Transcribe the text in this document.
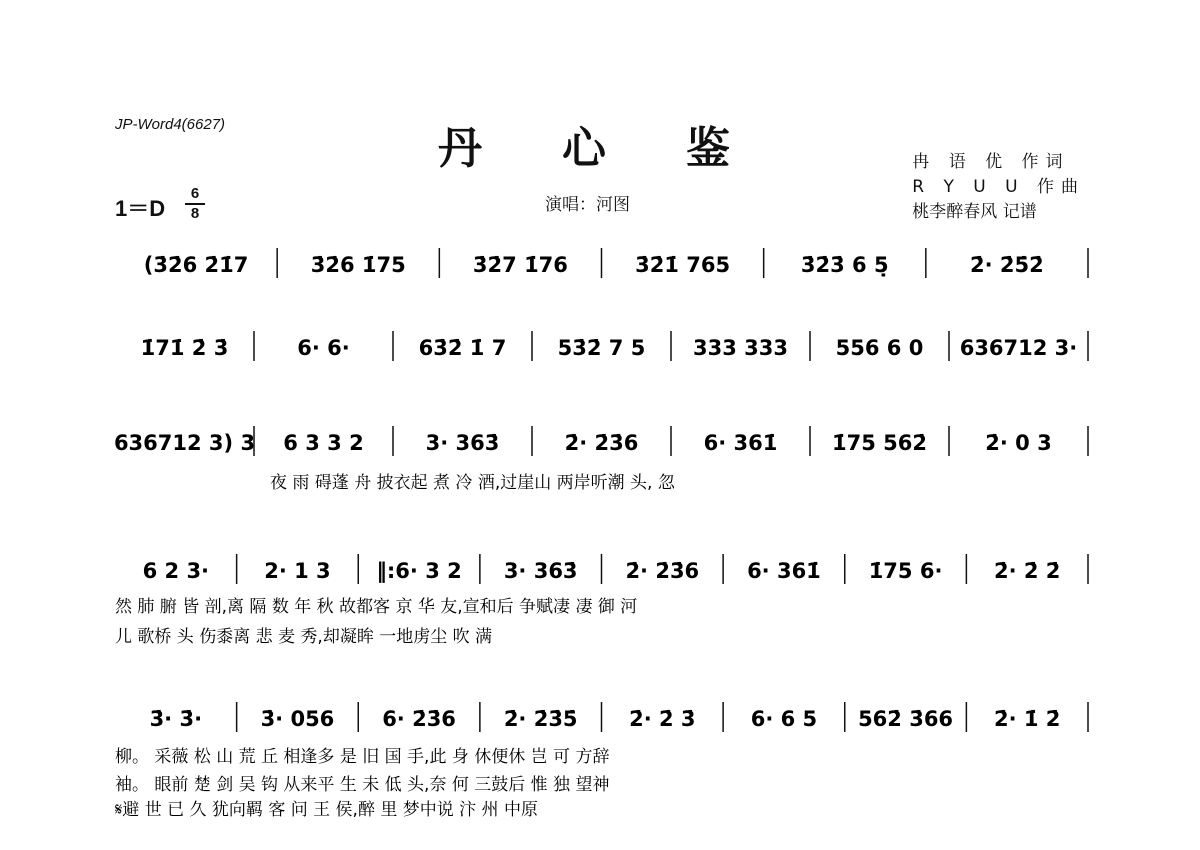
JP-Word4(6627)	丹心鉴
1＝D
6
8	演唱：河图
冉 语 优 作词
R Y U U 作曲
桃李醉春风 记谱
(3̇2̇6 2̇1̇7	3̇2̇6 1̇75	3̇2̇7 1̇76	3̇2̇1̇ 765	3̇2̇3̇ 6 5̣	2̇· 2̇5̇2̇
1̇71̇ 2̇ 3̇	6· 6·	63̇2̇ 1̇ 7 53̇2̇ 7 5 333 333 556 6 0 636712 3·
636712 3) 3 6 3 3 2	3· 363̇	2̇· 2̇3̇6	6· 361̇	1̇75 562̇	2̇· 0 3
夜 雨 碍蓬 舟 披衣起 煮 冷 酒,过崖山 两岸听潮 头, 忽
6 2 3·	2· 1 3 ‖:6· 3 2 3· 363̇ 2̇· 2̇3̇6 6· 361̇ 1̇75 6· 2̇· 2̇ 2̇
然 肺 腑 皆 剖,离 隔 数 年 秋 故都客 京 华 友,宣和后 争赋凄 凄 御 河
儿 歌桥 头 伤黍离 悲 麦 秀,却凝眸 一地虏尘 吹 满
3̇· 3̇·	3̇· 056 6· 2̇3̇6 2̇· 2̇3̇5̇ 2̇· 2̇ 3̇	6· 6 5 562̇ 3̇66 2̇· 1̇ 2̇
柳。 采薇 松 山 荒 丘 相逢多 是 旧 国 手,此 身 休便休 岂 可 方辞
袖。 眼前 楚 剑 吴 钩 从来平 生 未 低 头,奈 何 三鼓后 惟 独 望神
𝄋避 世 已 久 犹向羁 客 问 王 侯,醉 里 梦中说 汴 州 中原
